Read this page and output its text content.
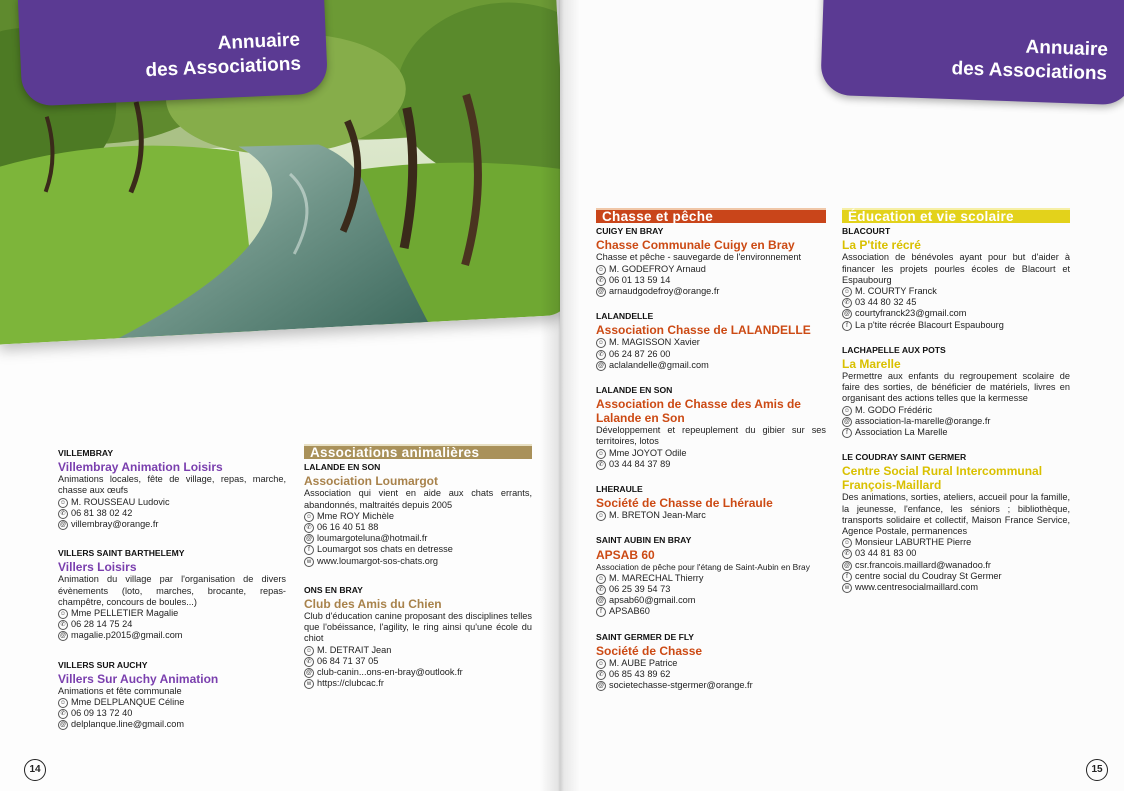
Annuaire
des Associations
VILLEMBRAY
Villembray Animation Loisirs
Animations locales, fête de village, repas, marche, chasse aux œufs
☺ M. ROUSSEAU Ludovic
✆ 06 81 38 02 42
@ villembray@orange.fr
VILLERS SAINT BARTHELEMY
Villers Loisirs
Animation du village par l'organisation de divers évènements (loto, marches, brocante, repas-champêtre, concours de boules...)
☺ Mme PELLETIER Magalie
✆ 06 28 14 75 24
@ magalie.p2015@gmail.com
VILLERS SUR AUCHY
Villers Sur Auchy Animation
Animations et fête communale
☺ Mme DELPLANQUE Céline
✆ 06 09 13 72 40
@ delplanque.line@gmail.com
Associations animalières
LALANDE EN SON
Association Loumargot
Association qui vient en aide aux chats errants, abandonnés, maltraités depuis 2005
☺ Mme ROY Michèle
✆ 06 16 40 51 88
@ loumargoteluna@hotmail.fr
f Loumargot sos chats en detresse
w www.loumargot-sos-chats.org
ONS EN BRAY
Club des Amis du Chien
Club d'éducation canine proposant des disciplines telles que l'obéissance, l'agility, le ring ainsi qu'une école du chiot
☺ M. DETRAIT Jean
✆ 06 84 71 37 05
@ club-canin...ons-en-bray@outlook.fr
w https://clubcac.fr
14
Annuaire
des Associations
Chasse et pêche
CUIGY EN BRAY
Chasse Communale Cuigy en Bray
Chasse et pêche - sauvegarde de l'environnement
☺ M. GODEFROY Arnaud
✆ 06 01 13 59 14
@ arnaudgodefroy@orange.fr
LALANDELLE
Association Chasse de LALANDELLE
☺ M. MAGISSON Xavier
✆ 06 24 87 26 00
@ aclalandelle@gmail.com
LALANDE EN SON
Association de Chasse des Amis de Lalande en Son
Développement et repeuplement du gibier sur ses territoires, lotos
☺ Mme JOYOT Odile
✆ 03 44 84 37 89
LHERAULE
Société de Chasse de Lhéraule
☺ M. BRETON Jean-Marc
SAINT AUBIN EN BRAY
APSAB 60
Association de pêche pour l'étang de Saint-Aubin en Bray
☺ M. MARECHAL Thierry
✆ 06 25 39 54 73
@ apsab60@gmail.com
f APSAB60
SAINT GERMER DE FLY
Société de Chasse
☺ M. AUBE Patrice
✆ 06 85 43 89 62
@ societechasse-stgermer@orange.fr
Éducation et vie scolaire
BLACOURT
La P'tite récré
Association de bénévoles ayant pour but d'aider à financer les projets pourles écoles de Blacourt et Espaubourg
☺ M. COURTY Franck
✆ 03 44 80 32 45
@ courtyfranck23@gmail.com
f La p'tite récrée Blacourt Espaubourg
LACHAPELLE AUX POTS
La Marelle
Permettre aux enfants du regroupement scolaire de faire des sorties, de bénéficier de matériels, livres en organisant des actions telles que la kermesse
☺ M. GODO Frédéric
@ association-la-marelle@orange.fr
f Association La Marelle
LE COUDRAY SAINT GERMER
Centre Social Rural Intercommunal François-Maillard
Des animations, sorties, ateliers, accueil pour la famille, la jeunesse, l'enfance, les séniors ; bibliothèque, transports solidaire et collectif, Maison France Service, Agence Postale, permanences
☺ Monsieur LABURTHE Pierre
✆ 03 44 81 83 00
@ csr.francois.maillard@wanadoo.fr
f centre social du Coudray St Germer
w www.centresocialmaillard.com
15
